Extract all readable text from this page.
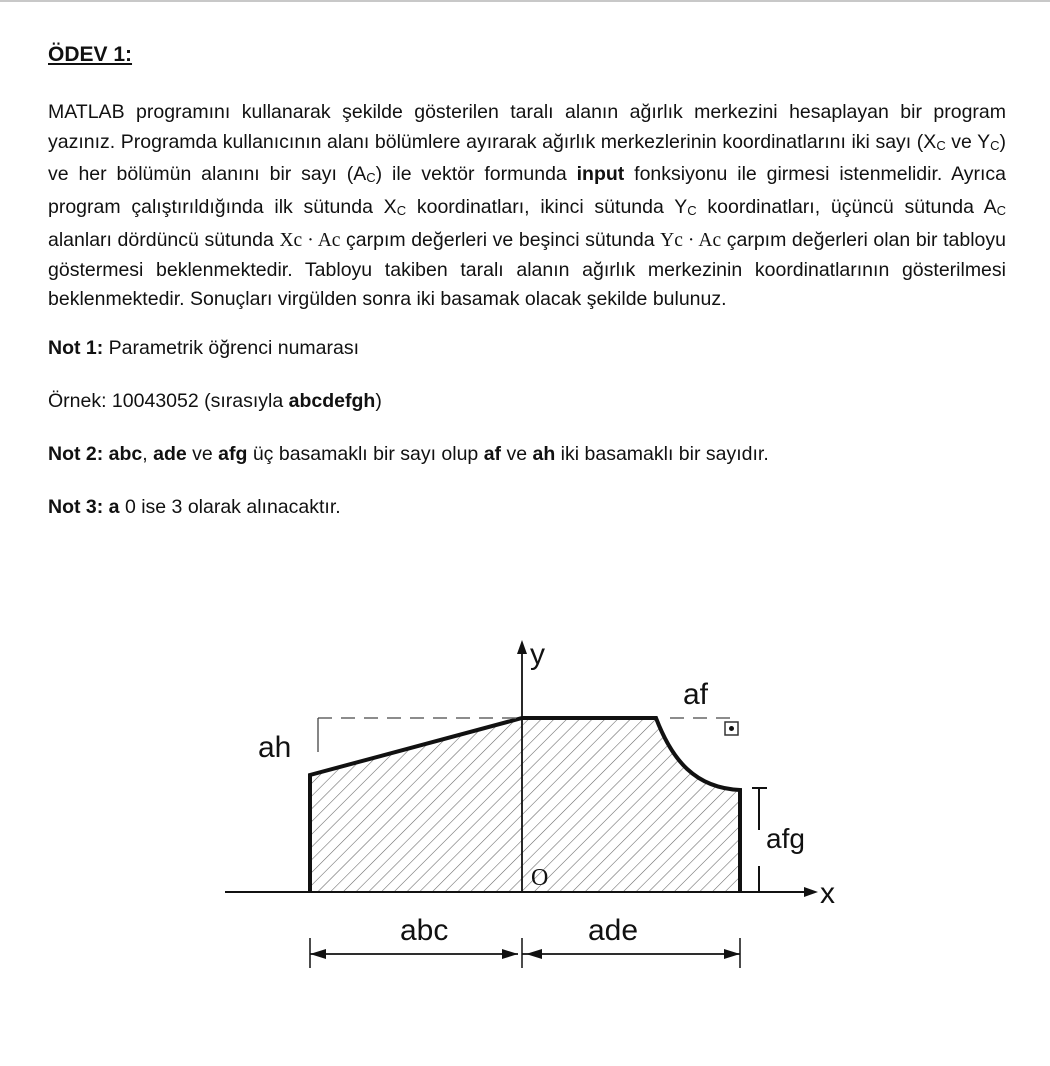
ÖDEV 1:
MATLAB programını kullanarak şekilde gösterilen taralı alanın ağırlık merkezini hesaplayan bir program yazınız. Programda kullanıcının alanı bölümlere ayırarak ağırlık merkezlerinin koordinatlarını iki sayı ($X_C$ ve $Y_C$) ve her bölümün alanını bir sayı $(A_C)$ ile vektör formunda input fonksiyonu ile girmesi istenmelidir. Ayrıca program çalıştırıldığında ilk sütunda $X_C$ koordinatları, ikinci sütunda $Y_C$ koordinatları, üçüncü sütunda $A_C$ alanları dördüncü sütunda Xc · Ac çarpım değerleri ve beşinci sütunda Yc · Ac çarpım değerleri olan bir tabloyu göstermesi beklenmektedir. Tabloyu takiben taralı alanın ağırlık merkezinin koordinatlarının gösterilmesi beklenmektedir. Sonuçları virgülden sonra iki basamak olacak şekilde bulunuz.
Not 1: Parametrik öğrenci numarası
Örnek: 10043052 (sırasıyla abcdefgh)
Not 2: abc, ade ve afg üç basamaklı bir sayı olup af ve ah iki basamaklı bir sayıdır.
Not 3: a 0 ise 3 olarak alınacaktır.
x
y
O
af
ah
afg
abc	ade
